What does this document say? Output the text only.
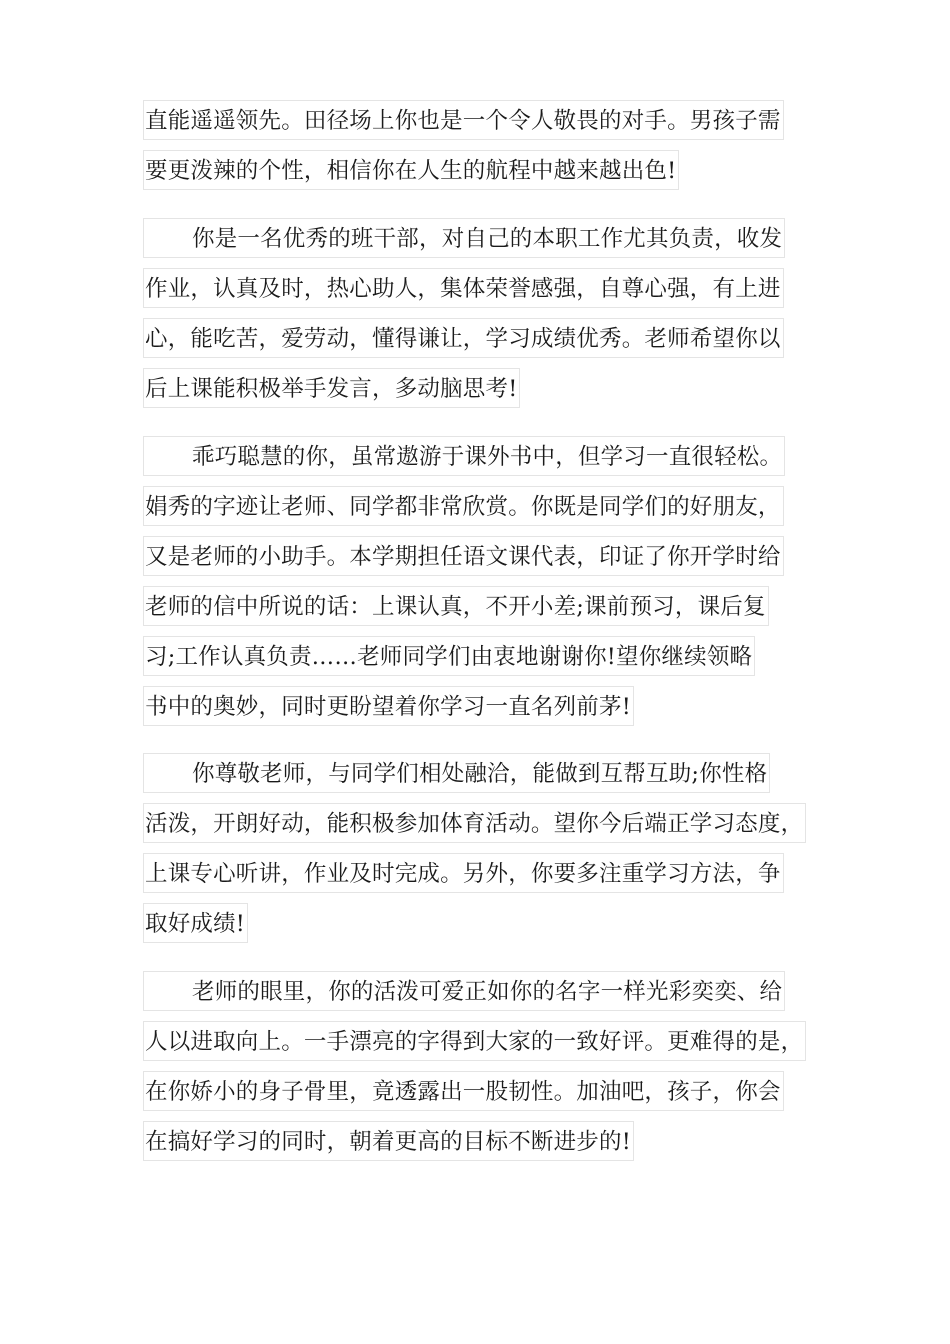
直能遥遥领先。田径场上你也是一个令人敬畏的对手。男孩子需
要更泼辣的个性，相信你在人生的航程中越来越出色!
你是一名优秀的班干部，对自己的本职工作尤其负责，收发
作业，认真及时，热心助人，集体荣誉感强，自尊心强，有上进
心，能吃苦，爱劳动，懂得谦让，学习成绩优秀。老师希望你以
后上课能积极举手发言，多动脑思考!
乖巧聪慧的你，虽常遨游于课外书中，但学习一直很轻松。
娟秀的字迹让老师、同学都非常欣赏。你既是同学们的好朋友，
又是老师的小助手。本学期担任语文课代表，印证了你开学时给
老师的信中所说的话：上课认真，不开小差;课前预习，课后复
习;工作认真负责……老师同学们由衷地谢谢你!望你继续领略
书中的奥妙，同时更盼望着你学习一直名列前茅!
你尊敬老师，与同学们相处融洽，能做到互帮互助;你性格
活泼，开朗好动，能积极参加体育活动。望你今后端正学习态度，
上课专心听讲，作业及时完成。另外，你要多注重学习方法，争
取好成绩!
老师的眼里，你的活泼可爱正如你的名字一样光彩奕奕、给
人以进取向上。一手漂亮的字得到大家的一致好评。更难得的是，
在你娇小的身子骨里，竟透露出一股韧性。加油吧，孩子，你会
在搞好学习的同时，朝着更高的目标不断进步的!
